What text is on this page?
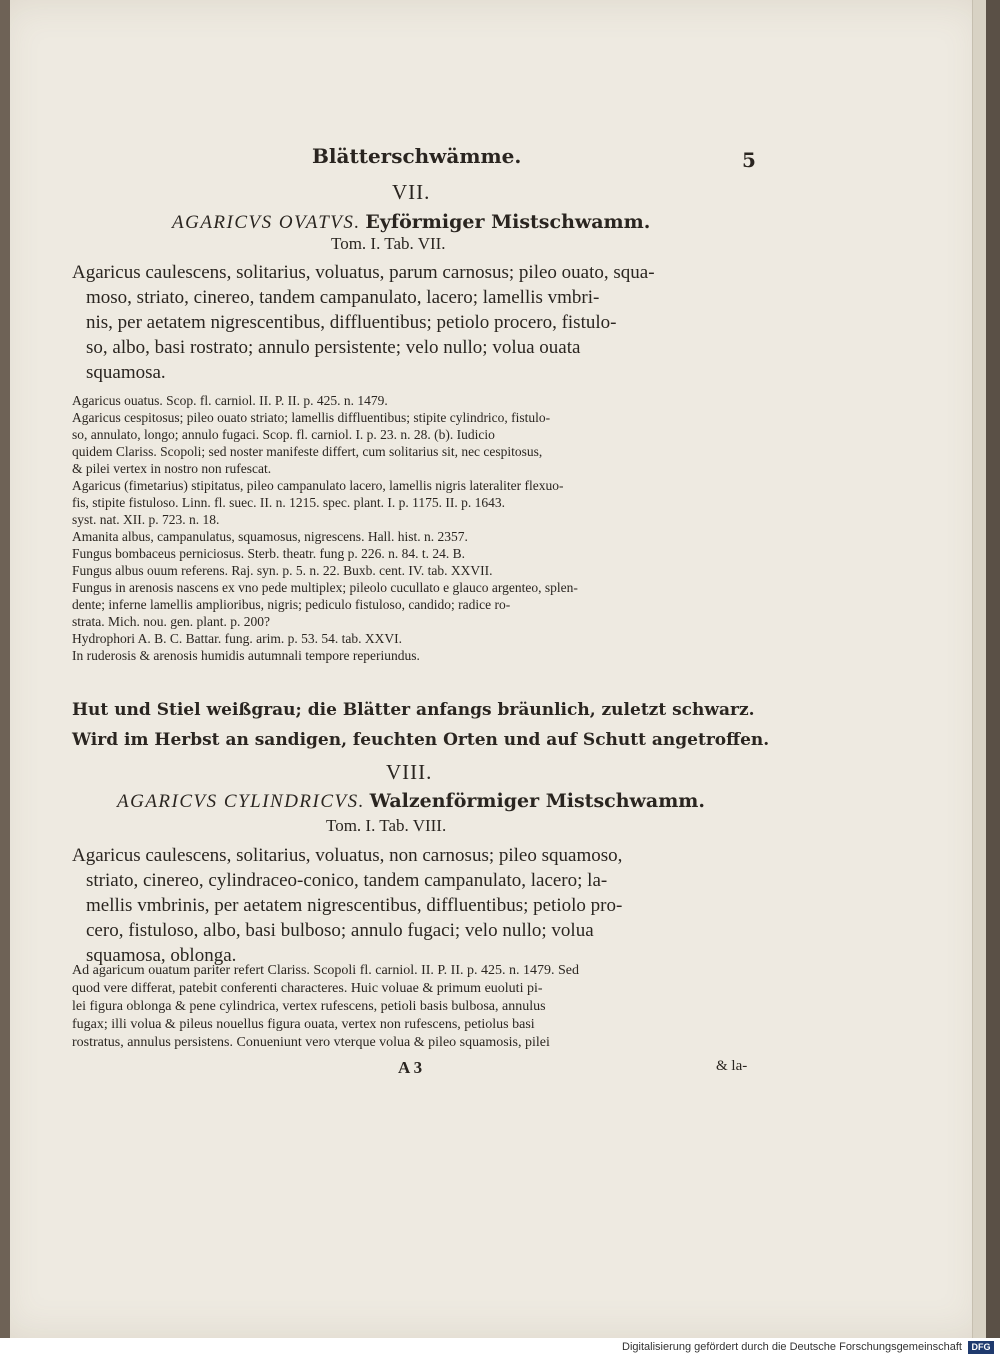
Blätterschwämme.	5
VII.
AGARICVS OVATVS. Eyförmiger Mistschwamm.
Tom. I. Tab. VII.

Agaricus caulescens, solitarius, voluatus, parum carnosus; pileo ouato, squa-

moso, striato, cinereo, tandem campanulato, lacero; lamellis vmbri-

nis, per aetatem nigrescentibus, diffluentibus; petiolo procero, fistulo-

so, albo, basi rostrato; annulo persistente; velo nullo; volua ouata

squamosa.

Agaricus ouatus. Scop. fl. carniol. II. P. II. p. 425. n. 1479.

Agaricus cespitosus; pileo ouato striato; lamellis diffluentibus; stipite cylindrico, fistulo-

so, annulato, longo; annulo fugaci. Scop. fl. carniol. I. p. 23. n. 28. (b). Iudicio

quidem Clariss. Scopoli; sed noster manifeste differt, cum solitarius sit, nec cespitosus,

& pilei vertex in nostro non rufescat.

Agaricus (fimetarius) stipitatus, pileo campanulato lacero, lamellis nigris lateraliter flexuo-

fis, stipite fistuloso. Linn. fl. suec. II. n. 1215. spec. plant. I. p. 1175. II. p. 1643.

syst. nat. XII. p. 723. n. 18.

Amanita albus, campanulatus, squamosus, nigrescens. Hall. hist. n. 2357.

Fungus bombaceus perniciosus. Sterb. theatr. fung p. 226. n. 84. t. 24. B.

Fungus albus ouum referens. Raj. syn. p. 5. n. 22. Buxb. cent. IV. tab. XXVII.

Fungus in arenosis nascens ex vno pede multiplex; pileolo cucullato e glauco argenteo, splen-

dente; inferne lamellis amplioribus, nigris; pediculo fistuloso, candido; radice ro-

strata. Mich. nou. gen. plant. p. 200?

Hydrophori A. B. C. Battar. fung. arim. p. 53. 54. tab. XXVI.

In ruderosis & arenosis humidis autumnali tempore reperiundus.

Hut und Stiel weißgrau; die Blätter anfangs bräunlich, zuletzt schwarz.
Wird im Herbst an sandigen, feuchten Orten und auf Schutt angetroffen.
VIII.
AGARICVS CYLINDRICVS. Walzenförmiger Mistschwamm.
Tom. I. Tab. VIII.

Agaricus caulescens, solitarius, voluatus, non carnosus; pileo squamoso,

striato, cinereo, cylindraceo-conico, tandem campanulato, lacero; la-

mellis vmbrinis, per aetatem nigrescentibus, diffluentibus; petiolo pro-

cero, fistuloso, albo, basi bulboso; annulo fugaci; velo nullo; volua

squamosa, oblonga.

Ad agaricum ouatum pariter refert Clariss. Scopoli fl. carniol. II. P. II. p. 425. n. 1479. Sed

quod vere differat, patebit conferenti characteres. Huic voluae & primum euoluti pi-

lei figura oblonga & pene cylindrica, vertex rufescens, petioli basis bulbosa, annulus

fugax; illi volua & pileus nouellus figura ouata, vertex non rufescens, petiolus basi

rostratus, annulus persistens. Conueniunt vero vterque volua & pileo squamosis, pilei

A 3	& la-
Digitalisierung gefördert durch die Deutsche Forschungsgemeinschaft	DFG
